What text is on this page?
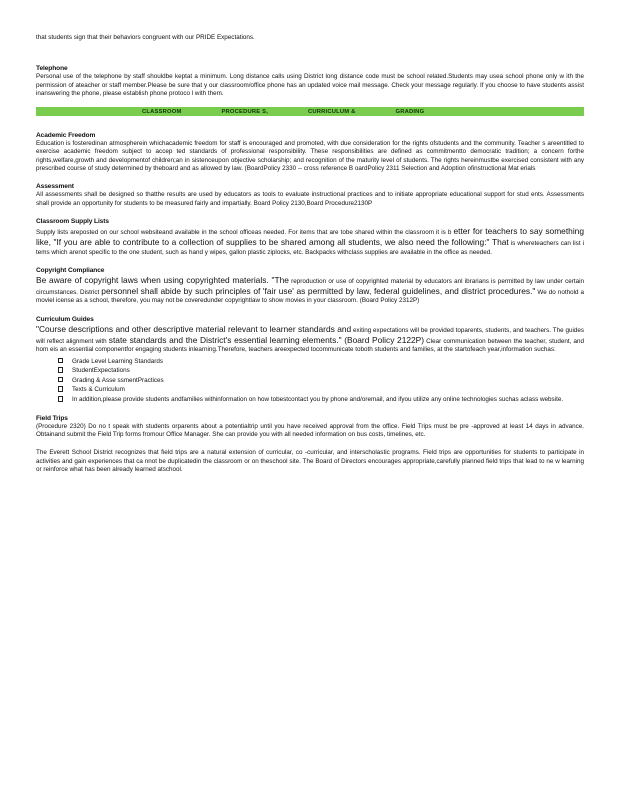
that students sign that their behaviors congruent with our PRIDE Expectations.

Telephone

Personal use of the telephone by staff shouldbe keptat a minimum. Long distance calls using District long distance code must be school related.Students may usea school phone only w ith the permission of ateacher or staff member.Please be sure that y our classroom/office phone has an updated voice mail message. Check your message regularly. If you choose to have students assist inanswering the phone, please establish phone protoco l with them.

CLASSROOM	PROCEDURE S,	CURRICULUM &	GRADING

Academic Freedom

Education is fosteredinan atmospherein whichacademic freedom for staff is encouraged and promoted, with due consideration for the rights ofstudents and the community. Teacher s areentitled to exercise academic freedom subject to accep ted standards of professional responsibility. These responsibilities are defined as commitmentto democratic tradition; a concern forthe rights,welfare,growth and developmentof children;an in sistenceupon objective scholarship; and recognition of the maturity level of students. The rights hereinmustbe exercised consistent with any prescribed course of study determined by theboard and as allowed by law. (BoardPolicy 2330 -- cross reference B oardPolicy 2311 Selection and Adoption ofinstructional Mat erials

Assessment

All assessments shall be designed so thatthe results are used by educators as tools to evaluate instructional practices and to initiate appropriate educational support for stud ents. Assessments shall provide an opportunity for students to be measured fairly and impartially. Board Policy 2130,Board Procedure2130P

Classroom Supply Lists

Supply lists areposted on our school websiteand available in the school officeas needed. For items that are tobe shared within the classroom it is b etter for teachers to say something like, "If you are able to contribute to a collection of supplies to be shared among all students, we also need the following:" That is whereteachers can list i tems which arenot specific to the one student, such as hand y wipes, gallon plastic ziplocks, etc. Backpacks withclass supplies are available in the office as needed.

Copyright Compliance

Be aware of copyright laws when using copyrighted materials. "The reproduction or use of copyrighted material by educators anl ibrarians is permitted by law under certain circumstances. District personnel shall abide by such principles of 'fair use' as permitted by law, federal guidelines, and district procedures." We do nothold a moviel icense as a school, therefore, you may not be coveredunder copyrightlaw to show movies in your classroom. (Board Policy 2312P)

Curriculum Guides

"Course descriptions and other descriptive material relevant to learner standards and exiting expectations will be provided toparents, students, and teachers. The guides will reflect alignment with state standards and the District's essential learning elements." (Board Policy 2122P) Clear communication between the teacher, student, and hom eis an essential componentfor engaging students inlearning.Therefore, teachers areexpected tocommunicate toboth students and families, at the startofeach year,information suchas:

Grade Level Learning Standards
StudentExpectations
Grading & Asse ssmentPractices
Texts & Curriculum
In addition,please provide students andfamilies withinformation on how tobestcontact you by phone and/oremail, and ifyou utilize any online technologies suchas aclass website.

Field Trips

(Procedure 2320) Do no t speak with students orparents about a potentialtrip until you have received approval from the office. Field Trips must be pre -approved at least 14 days in advance. Obtainand submit the Field Trip forms fromour Office Manager. She can provide you with all needed information on bus costs, timelines, etc.

The Everett School District recognizes that field trips are a natural extension of curricular, co -curricular, and interscholastic programs. Field trips are opportunities for students to participate in activities and gain experiences that ca nnot be duplicatedin the classroom or on theschool site. The Board of Directors encourages appropriate,carefully planned field trips that lead to ne w learning or reinforce what has been already learned atschool.
